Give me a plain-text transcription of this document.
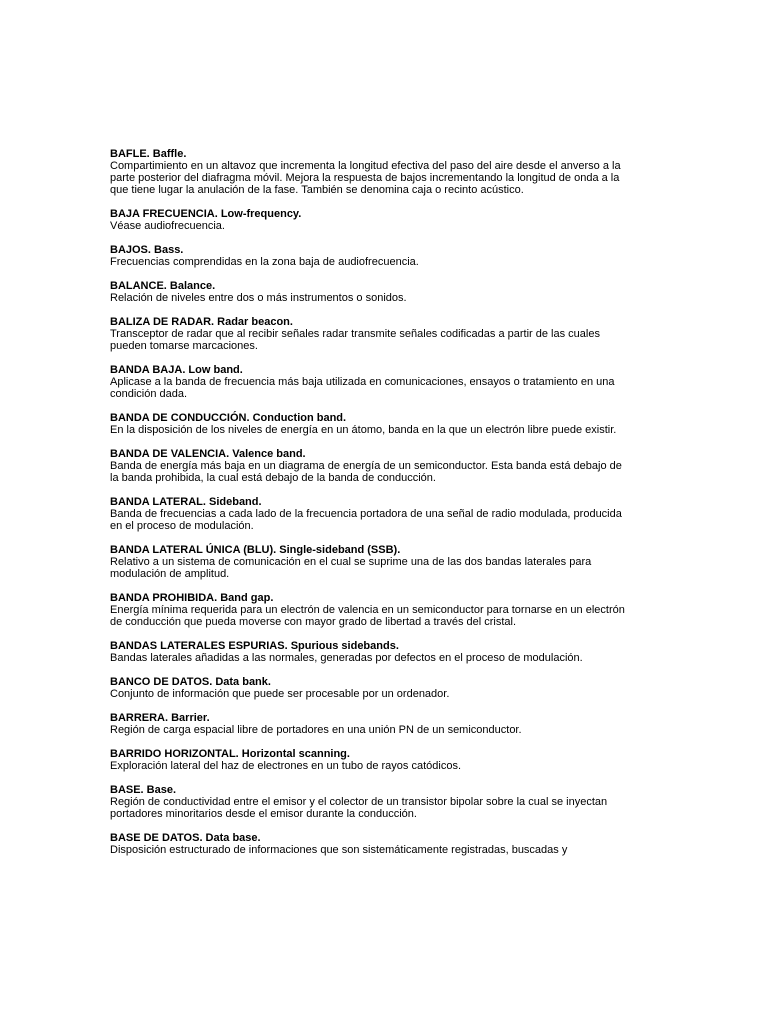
BAFLE. Baffle.

Compartimiento en un altavoz que incrementa la longitud efectiva del paso del aire desde el anverso a la parte posterior del diafragma móvil. Mejora la respuesta de bajos incrementando la longitud de onda a la que tiene lugar la anulación de la fase. También se denomina caja o recinto acústico.

BAJA FRECUENCIA. Low-frequency.

Véase audiofrecuencia.

BAJOS. Bass.

Frecuencias comprendidas en la zona baja de audiofrecuencia.

BALANCE. Balance.

Relación de niveles entre dos o más instrumentos o sonidos.

BALIZA DE RADAR. Radar beacon.

Transceptor de radar que al recibir señales radar transmite señales codificadas a partir de las cuales pueden tomarse marcaciones.

BANDA BAJA. Low band.

Aplicase a la banda de frecuencia más baja utilizada en comunicaciones, ensayos o tratamiento en una condición dada.

BANDA DE CONDUCCIÓN. Conduction band.

En la disposición de los niveles de energía en un átomo, banda en la que un electrón libre puede existir.

BANDA DE VALENCIA. Valence band.

Banda de energía más baja en un diagrama de energía de un semiconductor. Esta banda está debajo de la banda prohibida, la cual está debajo de la banda de conducción.

BANDA LATERAL. Sideband.

Banda de frecuencias a cada lado de la frecuencia portadora de una señal de radio modulada, producida en el proceso de modulación.

BANDA LATERAL ÚNICA (BLU). Single-sideband (SSB).

Relativo a un sistema de comunicación en el cual se suprime una de las dos bandas laterales para modulación de amplitud.

BANDA PROHIBIDA. Band gap.

Energía mínima requerida para un electrón de valencia en un semiconductor para tornarse en un electrón de conducción que pueda moverse con mayor grado de libertad a través del cristal.

BANDAS LATERALES ESPURIAS. Spurious sidebands.

Bandas laterales añadidas a las normales, generadas por defectos en el proceso de modulación.

BANCO DE DATOS. Data bank.

Conjunto de información que puede ser procesable por un ordenador.

BARRERA. Barrier.

Región de carga espacial libre de portadores en una unión PN de un semiconductor.

BARRIDO HORIZONTAL. Horizontal scanning.

Exploración lateral del haz de electrones en un tubo de rayos catódicos.

BASE. Base.

Región de conductividad entre el emisor y el colector de un transistor bipolar sobre la cual se inyectan portadores minoritarios desde el emisor durante la conducción.

BASE DE DATOS. Data base.

Disposición estructurado de informaciones que son sistemáticamente registradas, buscadas y
